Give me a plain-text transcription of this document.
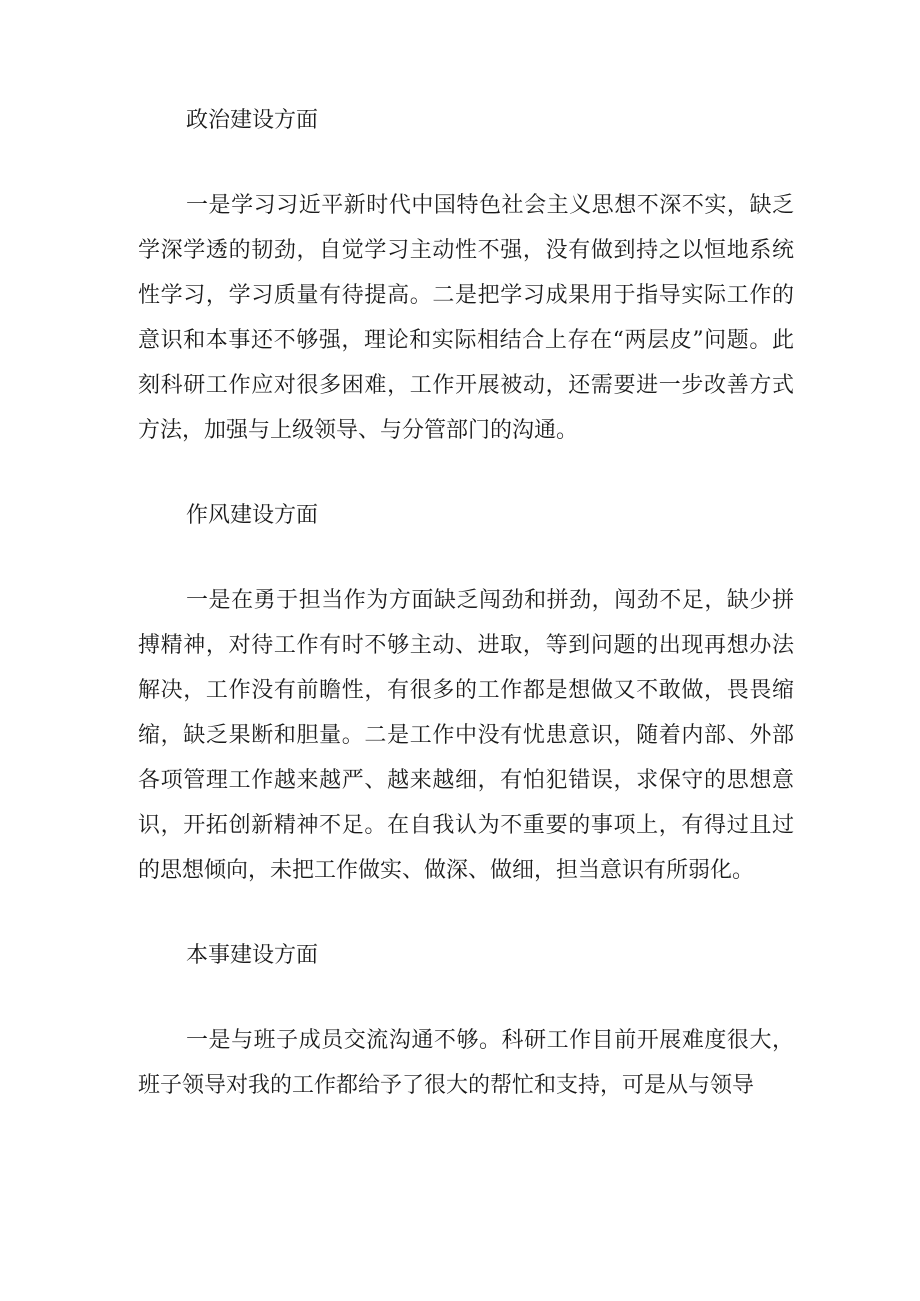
政治建设方面

一是学习习近平新时代中国特色社会主义思想不深不实，缺乏学深学透的韧劲，自觉学习主动性不强，没有做到持之以恒地系统性学习，学习质量有待提高。二是把学习成果用于指导实际工作的意识和本事还不够强，理论和实际相结合上存在“两层皮”问题。此刻科研工作应对很多困难，工作开展被动，还需要进一步改善方式方法，加强与上级领导、与分管部门的沟通。

作风建设方面

一是在勇于担当作为方面缺乏闯劲和拼劲，闯劲不足，缺少拼搏精神，对待工作有时不够主动、进取，等到问题的出现再想办法解决，工作没有前瞻性，有很多的工作都是想做又不敢做，畏畏缩缩，缺乏果断和胆量。二是工作中没有忧患意识，随着内部、外部各项管理工作越来越严、越来越细，有怕犯错误，求保守的思想意识，开拓创新精神不足。在自我认为不重要的事项上，有得过且过的思想倾向，未把工作做实、做深、做细，担当意识有所弱化。

本事建设方面

一是与班子成员交流沟通不够。科研工作目前开展难度很大，班子领导对我的工作都给予了很大的帮忙和支持，可是从与领导
